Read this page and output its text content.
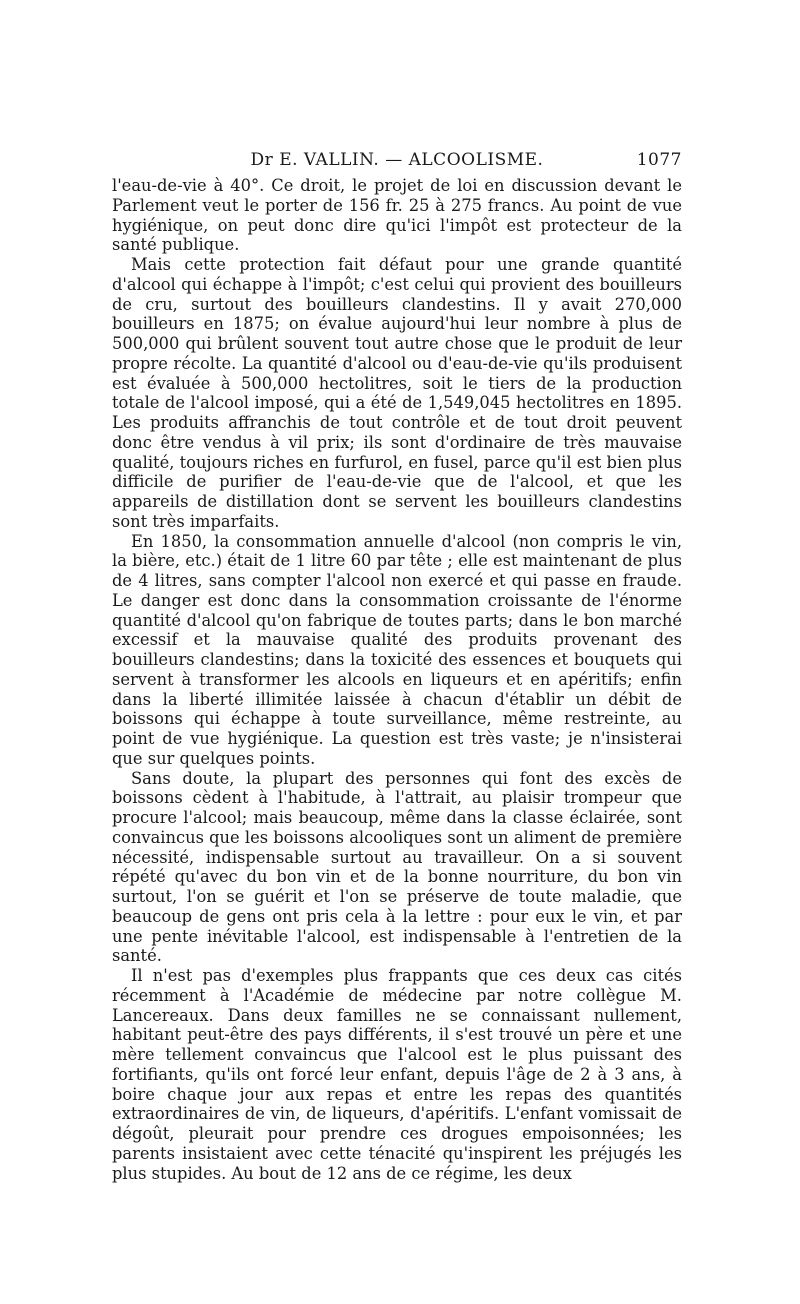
Dr E. VALLIN. — ALCOOLISME.	1077

l'eau-de-vie à 40°. Ce droit, le projet de loi en discussion devant le Parlement veut le porter de 156 fr. 25 à 275 francs. Au point de vue hygiénique, on peut donc dire qu'ici l'impôt est protecteur de la santé publique.

Mais cette protection fait défaut pour une grande quantité d'alcool qui échappe à l'impôt; c'est celui qui provient des bouilleurs de cru, surtout des bouilleurs clandestins. Il y avait 270,000 bouilleurs en 1875; on évalue aujourd'hui leur nombre à plus de 500,000 qui brûlent souvent tout autre chose que le produit de leur propre récolte. La quantité d'alcool ou d'eau-de-vie qu'ils produisent est évaluée à 500,000 hectolitres, soit le tiers de la production totale de l'alcool imposé, qui a été de 1,549,045 hectolitres en 1895. Les produits affranchis de tout contrôle et de tout droit peuvent donc être vendus à vil prix; ils sont d'ordinaire de très mauvaise qualité, toujours riches en furfurol, en fusel, parce qu'il est bien plus difficile de purifier de l'eau-de-vie que de l'alcool, et que les appareils de distillation dont se servent les bouilleurs clandestins sont très imparfaits.

En 1850, la consommation annuelle d'alcool (non compris le vin, la bière, etc.) était de 1 litre 60 par tête ; elle est maintenant de plus de 4 litres, sans compter l'alcool non exercé et qui passe en fraude. Le danger est donc dans la consommation croissante de l'énorme quantité d'alcool qu'on fabrique de toutes parts; dans le bon marché excessif et la mauvaise qualité des produits provenant des bouilleurs clandestins; dans la toxicité des essences et bouquets qui servent à transformer les alcools en liqueurs et en apéritifs; enfin dans la liberté illimitée laissée à chacun d'établir un débit de boissons qui échappe à toute surveillance, même restreinte, au point de vue hygiénique. La question est très vaste; je n'insisterai que sur quelques points.

Sans doute, la plupart des personnes qui font des excès de boissons cèdent à l'habitude, à l'attrait, au plaisir trompeur que procure l'alcool; mais beaucoup, même dans la classe éclairée, sont convaincus que les boissons alcooliques sont un aliment de première nécessité, indispensable surtout au travailleur. On a si souvent répété qu'avec du bon vin et de la bonne nourriture, du bon vin surtout, l'on se guérit et l'on se préserve de toute maladie, que beaucoup de gens ont pris cela à la lettre : pour eux le vin, et par une pente inévitable l'alcool, est indispensable à l'entretien de la santé.

Il n'est pas d'exemples plus frappants que ces deux cas cités récemment à l'Académie de médecine par notre collègue M. Lancereaux. Dans deux familles ne se connaissant nullement, habitant peut-être des pays différents, il s'est trouvé un père et une mère tellement convaincus que l'alcool est le plus puissant des fortifiants, qu'ils ont forcé leur enfant, depuis l'âge de 2 à 3 ans, à boire chaque jour aux repas et entre les repas des quantités extraordinaires de vin, de liqueurs, d'apéritifs. L'enfant vomissait de dégoût, pleurait pour prendre ces drogues empoisonnées; les parents insistaient avec cette ténacité qu'inspirent les préjugés les plus stupides. Au bout de 12 ans de ce régime, les deux
